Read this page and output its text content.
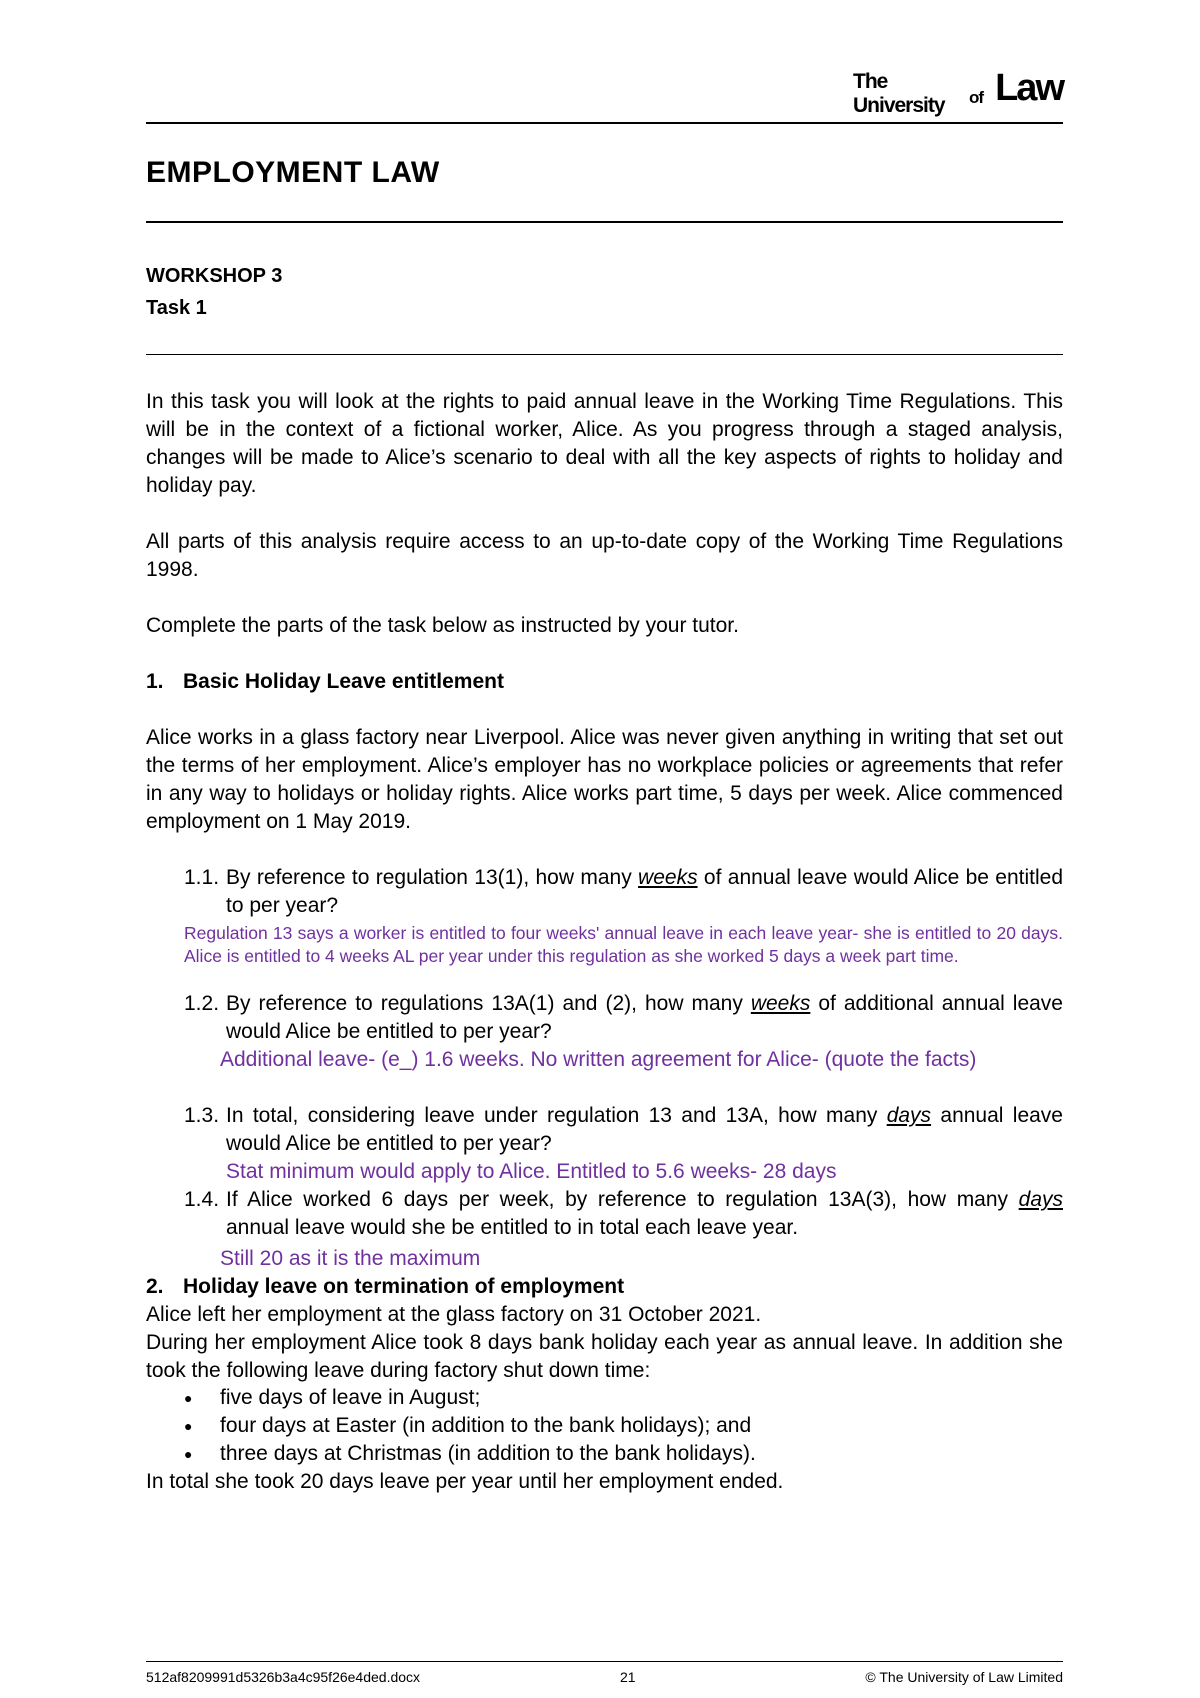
The University	of Law
EMPLOYMENT LAW
WORKSHOP 3
Task 1
In this task you will look at the rights to paid annual leave in the Working Time Regulations. This will be in the context of a fictional worker, Alice. As you progress through a staged analysis, changes will be made to Alice’s scenario to deal with all the key aspects of rights to holiday and holiday pay.
All parts of this analysis require access to an up-to-date copy of the Working Time Regulations 1998.
Complete the parts of the task below as instructed by your tutor.
1. Basic Holiday Leave entitlement
Alice works in a glass factory near Liverpool. Alice was never given anything in writing that set out the terms of her employment. Alice’s employer has no workplace policies or agreements that refer in any way to holidays or holiday rights. Alice works part time, 5 days per week. Alice commenced employment on 1 May 2019.
1.1. By reference to regulation 13(1), how many weeks of annual leave would Alice be entitled to per year?
Regulation 13 says a worker is entitled to four weeks' annual leave in each leave year- she is entitled to 20 days. Alice is entitled to 4 weeks AL per year under this regulation as she worked 5 days a week part time.
1.2. By reference to regulations 13A(1) and (2), how many weeks of additional annual leave would Alice be entitled to per year?
Additional leave- (e_) 1.6 weeks. No written agreement for Alice- (quote the facts)
1.3. In total, considering leave under regulation 13 and 13A, how many days annual leave would Alice be entitled to per year?
Stat minimum would apply to Alice. Entitled to 5.6 weeks- 28 days
1.4. If Alice worked 6 days per week, by reference to regulation 13A(3), how many days annual leave would she be entitled to in total each leave year.
Still 20 as it is the maximum
2. Holiday leave on termination of employment
Alice left her employment at the glass factory on 31 October 2021.
During her employment Alice took 8 days bank holiday each year as annual leave. In addition she took the following leave during factory shut down time:
● five days of leave in August;
● four days at Easter (in addition to the bank holidays); and
● three days at Christmas (in addition to the bank holidays).
In total she took 20 days leave per year until her employment ended.
512af8209991d5326b3a4c95f26e4ded.docx	21	© The University of Law Limited
